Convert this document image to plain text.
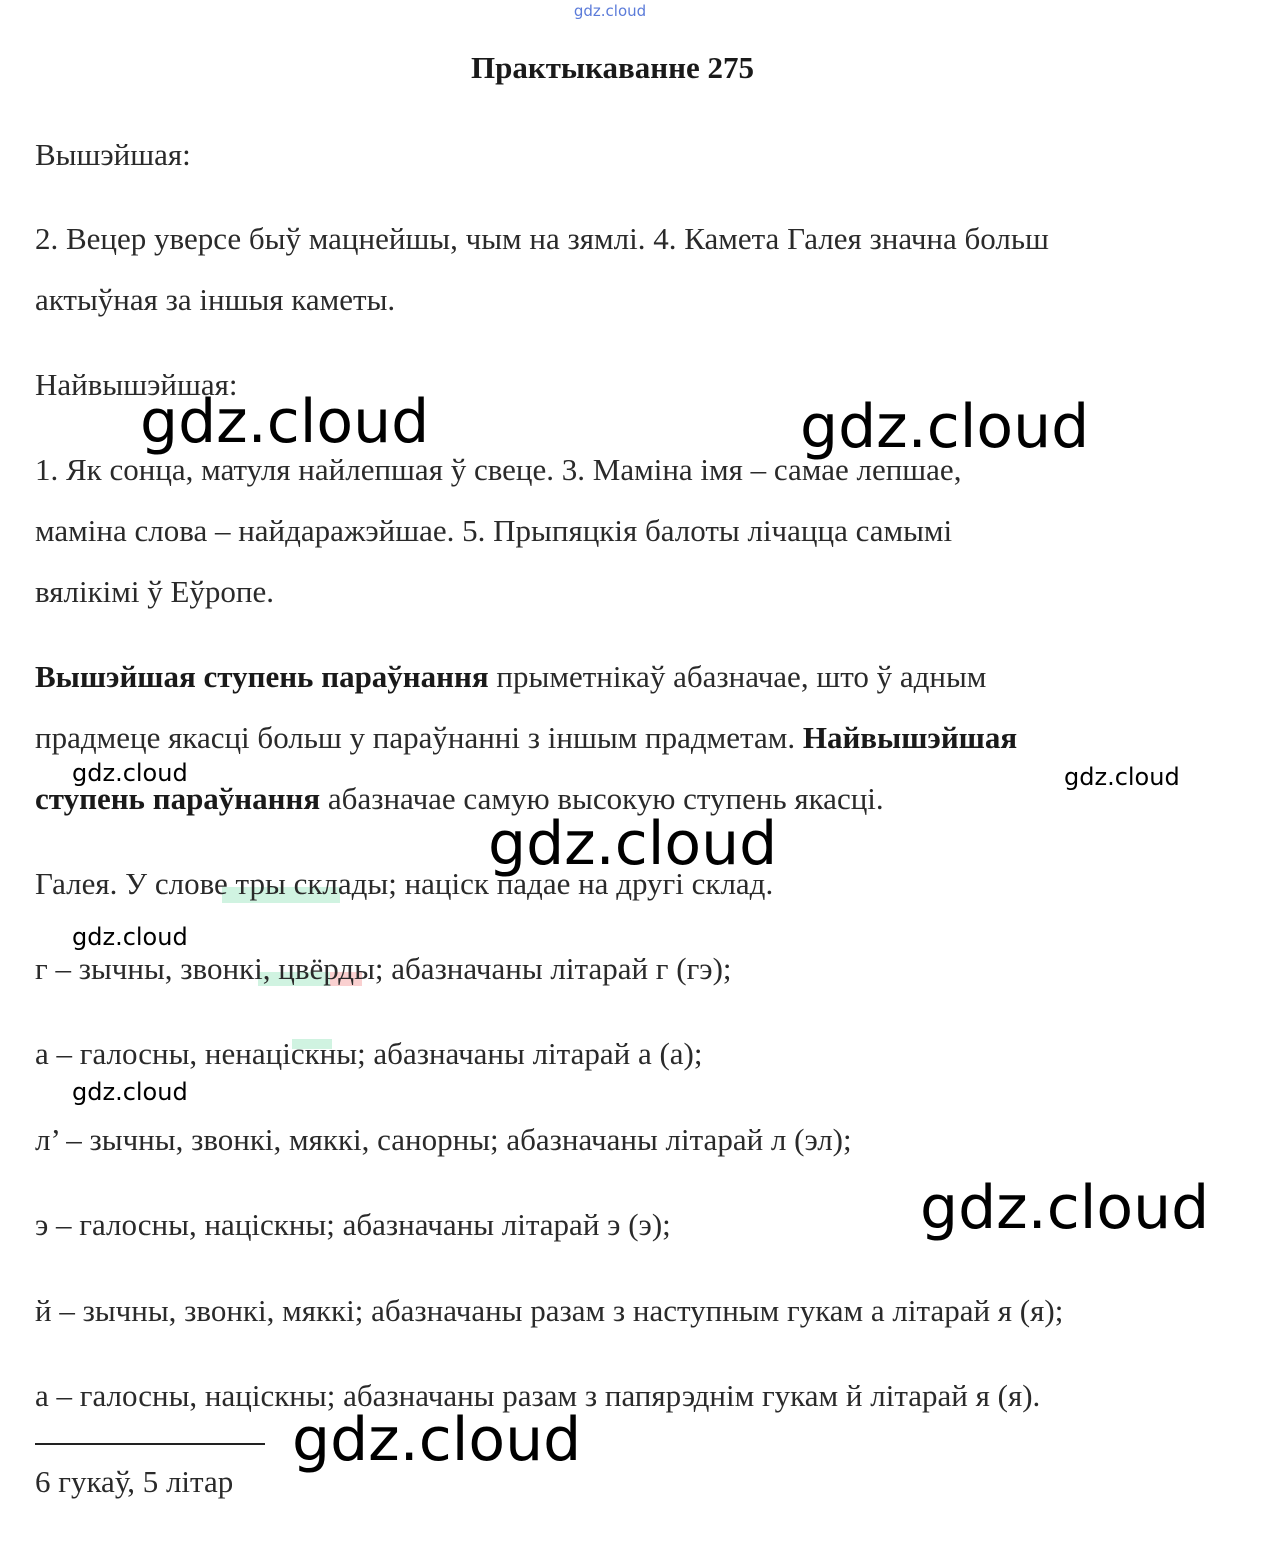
gdz.cloud
Практыкаванне 275
Вышэйшая:
2. Вецер уверсе быў мацнейшы, чым на зямлі. 4. Камета Галея значна больш
актыўная за іншыя каметы.
Найвышэйшая:
1. Як сонца, матуля найлепшая ў свеце. 3. Маміна імя – самае лепшае,
маміна слова – найдаражэйшае. 5. Прыпяцкія балоты лічацца самымі
вялікімі ў Еўропе.
Вышэйшая ступень параўнання прыметнікаў абазначае, што ў адным
прадмеце якасці больш у параўнанні з іншым прадметам. Найвышэйшая
ступень параўнання абазначае самую высокую ступень якасці.
Галея. У слове тры склады; націск падае на другі склад.
г – зычны, звонкі, цвёрды; абазначаны літарай г (гэ);
а – галосны, ненаціскны; абазначаны літарай а (а);
л’ – зычны, звонкі, мяккі, санорны; абазначаны літарай л (эл);
э – галосны, націскны; абазначаны літарай э (э);
й – зычны, звонкі, мяккі; абазначаны разам з наступным гукам а літарай я (я);
а – галосны, націскны; абазначаны разам з папярэднім гукам й літарай я (я).
6 гукаў, 5 літар
gdz.cloud	gdz.cloud
gdz.cloud
gdz.cloud
gdz.cloud
gdz.cloud	gdz.cloud
gdz.cloud
gdz.cloud
